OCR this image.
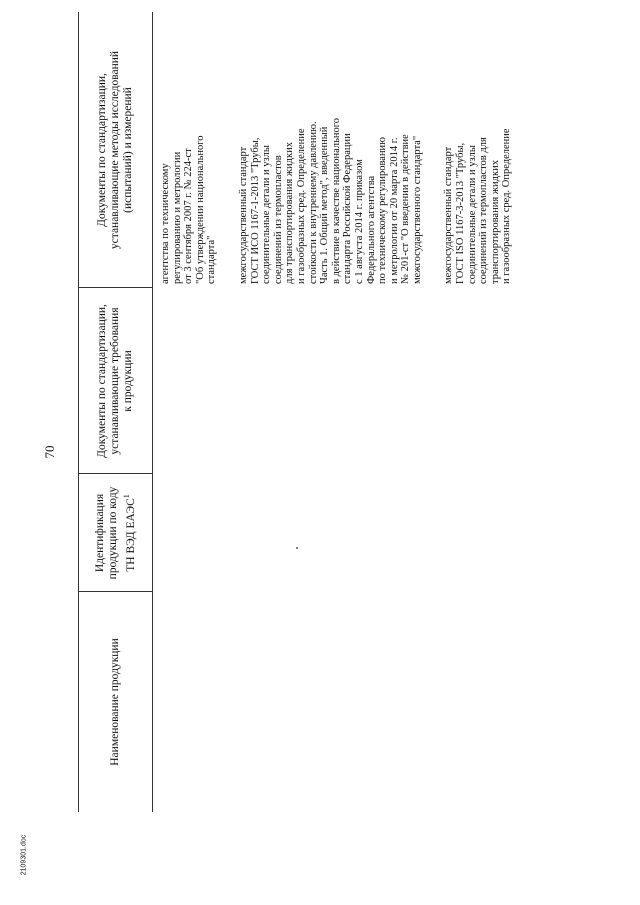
70
2109301.doc
Наименование продукции
Идентификация
продукции по коду ТН ВЭД ЕАЭС$^1$
Документы по стандартизации,
устанавливающие требования
к продукции
Документы по стандартизации,
устанавливающие методы исследований
(испытаний) и измерений
агентства по техническому регулированию и метрологии от 3 сентября 2007 г. № 224-ст "Об утверждении национального стандарта" межгосударственный стандарт ГОСТ ИСО 1167-1-2013 "Трубы, соединительные детали и узлы соединений из термопластов для транспортирования жидких и газообразных сред. Определение стойкости к внутреннему давлению. Часть 1. Общий метод", введенный в действие в качестве национального стандарта Российской Федерации с 1 августа 2014 г. приказом Федерального агентства по техническому регулированию и метрологии от 20 марта 2014 г. № 201-ст "О введении в действие межгосударственного стандарта" межгосударственный стандарт ГОСТ ISO 1167-3-2013 "Трубы, соединительные детали и узлы соединений из термопластов для транспортирования жидких и газообразных сред. Определение
